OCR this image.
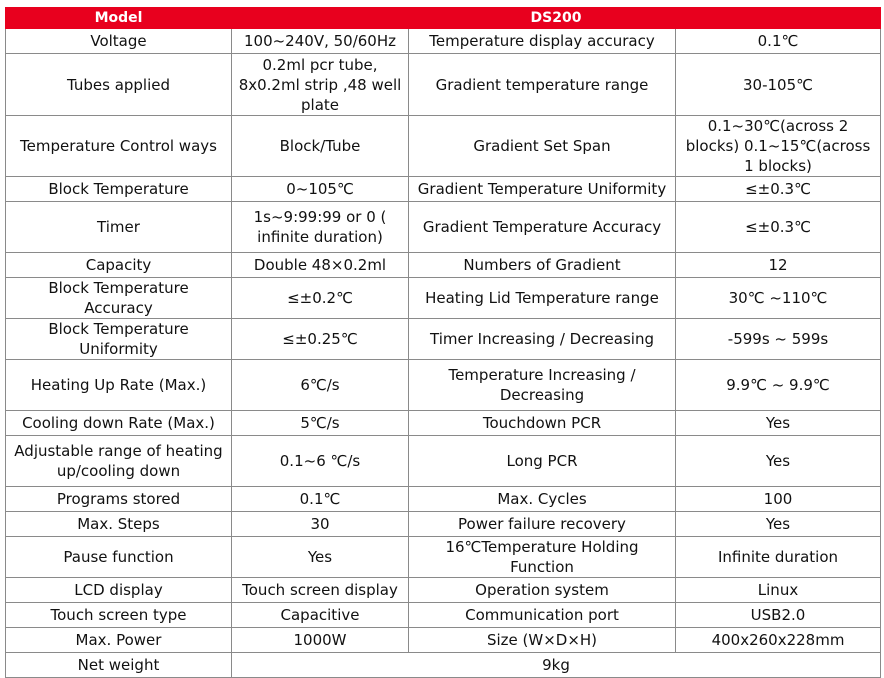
Model	DS200		
Voltage	100~240V, 50/60Hz	Temperature display accuracy	0.1℃
Tubes applied	0.2ml pcr tube, 8x0.2ml strip ,48 well plate	Gradient temperature range	30-105℃
Temperature Control ways	Block/Tube	Gradient Set Span	0.1~30℃(across 2 blocks) 0.1~15℃(across 1 blocks)
Block Temperature	0~105℃	Gradient Temperature Uniformity	≤±0.3℃
Timer	1s~9:99:99 or 0 ( infinite duration)	Gradient Temperature Accuracy	≤±0.3℃
Capacity	Double 48×0.2ml	Numbers of Gradient	12
Block Temperature Accuracy	≤±0.2℃	Heating Lid Temperature range	30℃ ~110℃
Block Temperature Uniformity	≤±0.25℃	Timer Increasing / Decreasing	-599s ~ 599s
Heating Up Rate (Max.)	6℃/s	Temperature Increasing / Decreasing	9.9℃ ~ 9.9℃
Cooling down Rate (Max.)	5℃/s	Touchdown PCR	Yes
Adjustable range of heating up/cooling down	0.1~6 ℃/s	Long PCR	Yes
Programs stored	0.1℃	Max. Cycles	100
Max. Steps	30	Power failure recovery	Yes
Pause function	Yes	16℃Temperature Holding Function	Infinite duration
LCD display	Touch screen display	Operation system	Linux
Touch screen type	Capacitive	Communication port	USB2.0
Max. Power	1000W	Size (W×D×H)	400x260x228mm
Net weight	9kg		
